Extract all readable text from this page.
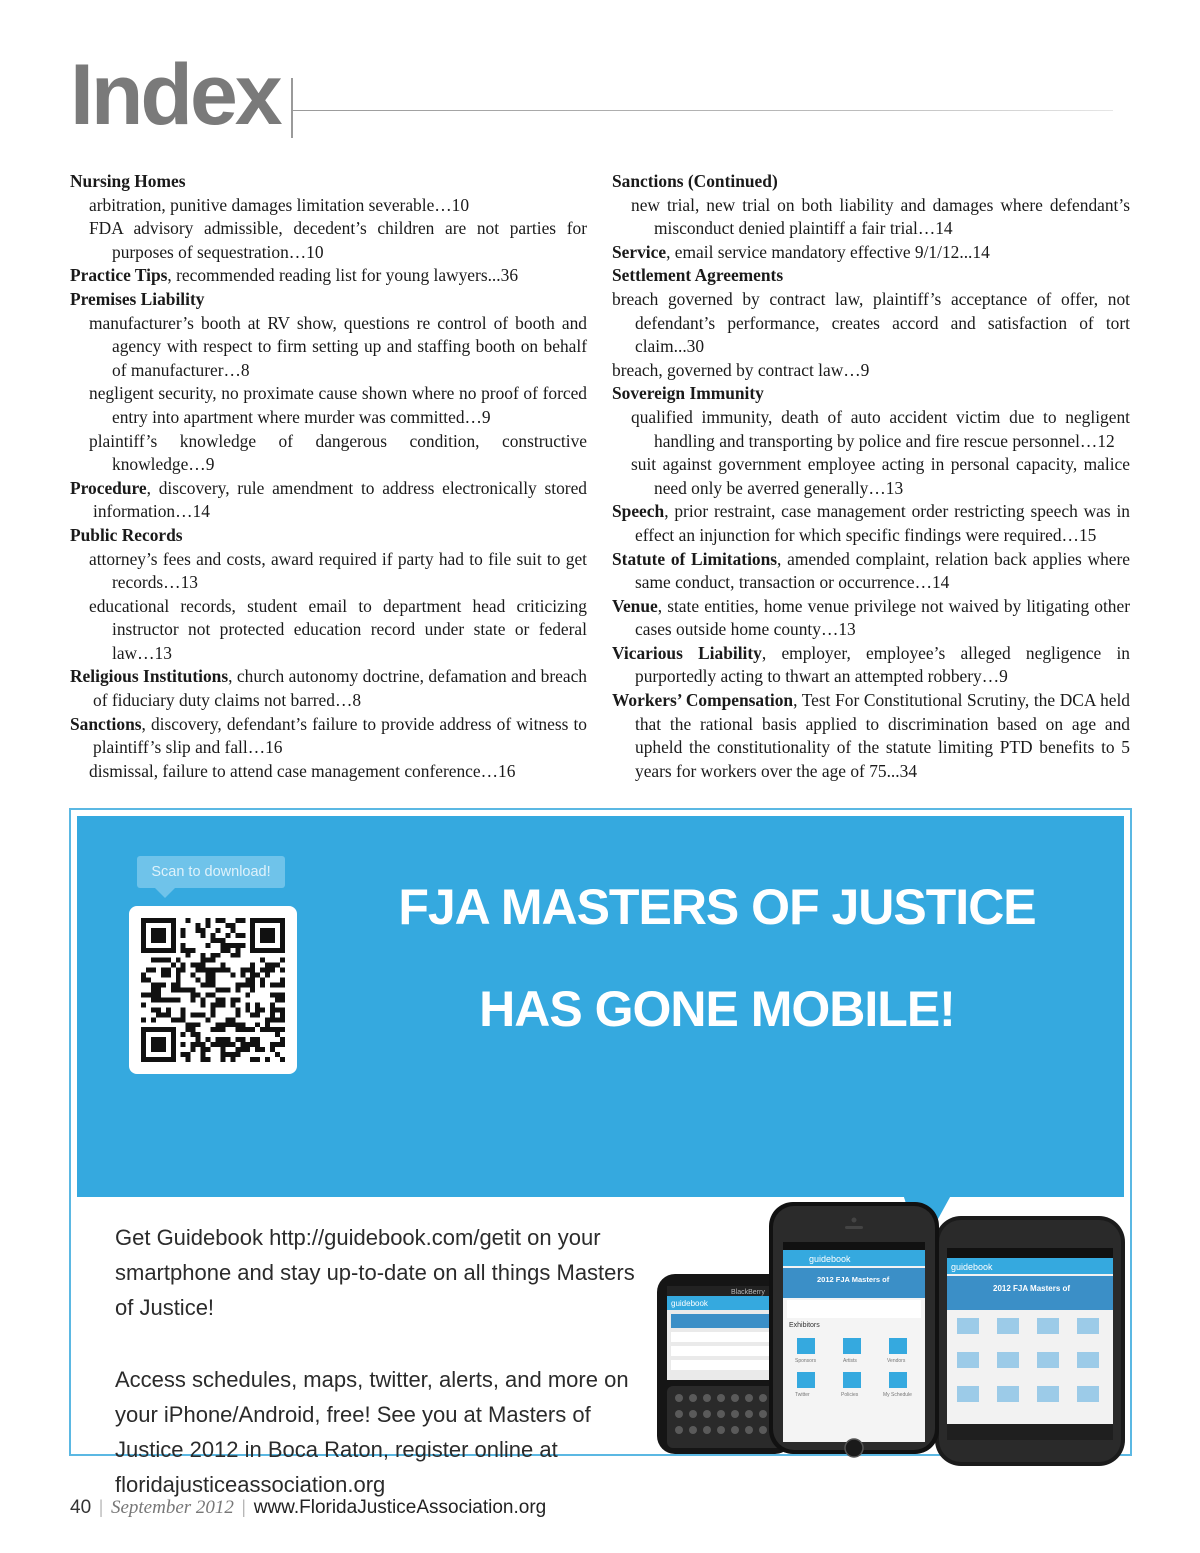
Index

Nursing Homes

arbitration, punitive damages limitation severable…10

FDA advisory admissible, decedent’s children are not parties for purposes of sequestration…10

Practice Tips, recommended reading list for young lawyers...36

Premises Liability

manufacturer’s booth at RV show, questions re control of booth and agency with respect to firm setting up and staffing booth on behalf of manufacturer…8

negligent security, no proximate cause shown where no proof of forced entry into apartment where murder was committed…9

plaintiff’s knowledge of dangerous condition, constructive knowledge…9

Procedure, discovery, rule amendment to address electronically stored information…14

Public Records

attorney’s fees and costs, award required if party had to file suit to get records…13

educational records, student email to department head criticizing instructor not protected education record under state or federal law…13

Religious Institutions, church autonomy doctrine, defamation and breach of fiduciary duty claims not barred…8

Sanctions, discovery, defendant’s failure to provide address of witness to plaintiff’s slip and fall…16

dismissal, failure to attend case management conference…16

Sanctions (Continued)

new trial, new trial on both liability and damages where defendant’s misconduct denied plaintiff a fair trial…14

Service, email service mandatory effective 9/1/12...14

Settlement Agreements

breach governed by contract law, plaintiff’s acceptance of offer, not defendant’s performance, creates accord and satisfaction of tort claim...30

breach, governed by contract law…9

Sovereign Immunity

qualified immunity, death of auto accident victim due to negligent handling and transporting by police and fire rescue personnel…12

suit against government employee acting in personal capacity, malice need only be averred generally…13

Speech, prior restraint, case management order restricting speech was in effect an injunction for which specific findings were required…15

Statute of Limitations, amended complaint, relation back applies where same conduct, transaction or occurrence…14

Venue, state entities, home venue privilege not waived by litigating other cases outside home county…13

Vicarious Liability, employer, employee’s alleged negligence in purportedly acting to thwart an attempted robbery…9

Workers’ Compensation, Test For Constitutional Scrutiny, the DCA held that the rational basis applied to discrimination based on age and upheld the constitutionality of the statute limiting PTD benefits to 5 years for workers over the age of 75...34

Scan to download!
FJA MASTERS OF JUSTICE
HAS GONE MOBILE!
Get Guidebook http://guidebook.com/getit on your smartphone and stay up-to-date on all things Masters of Justice!
Access schedules, maps, twitter, alerts, and more on your iPhone/Android, free! See you at Masters of Justice 2012 in Boca Raton, register online at floridajusticeassociation.org
guidebook
2012 FJA Masters of
BlackBerry
guidebook
guidebook
2012 FJA Masters of
Exhibitors
Sponsors	Artists	Vendors
Twitter	Policies	My Schedule
40 | September 2012 | www.FloridaJusticeAssociation.org
